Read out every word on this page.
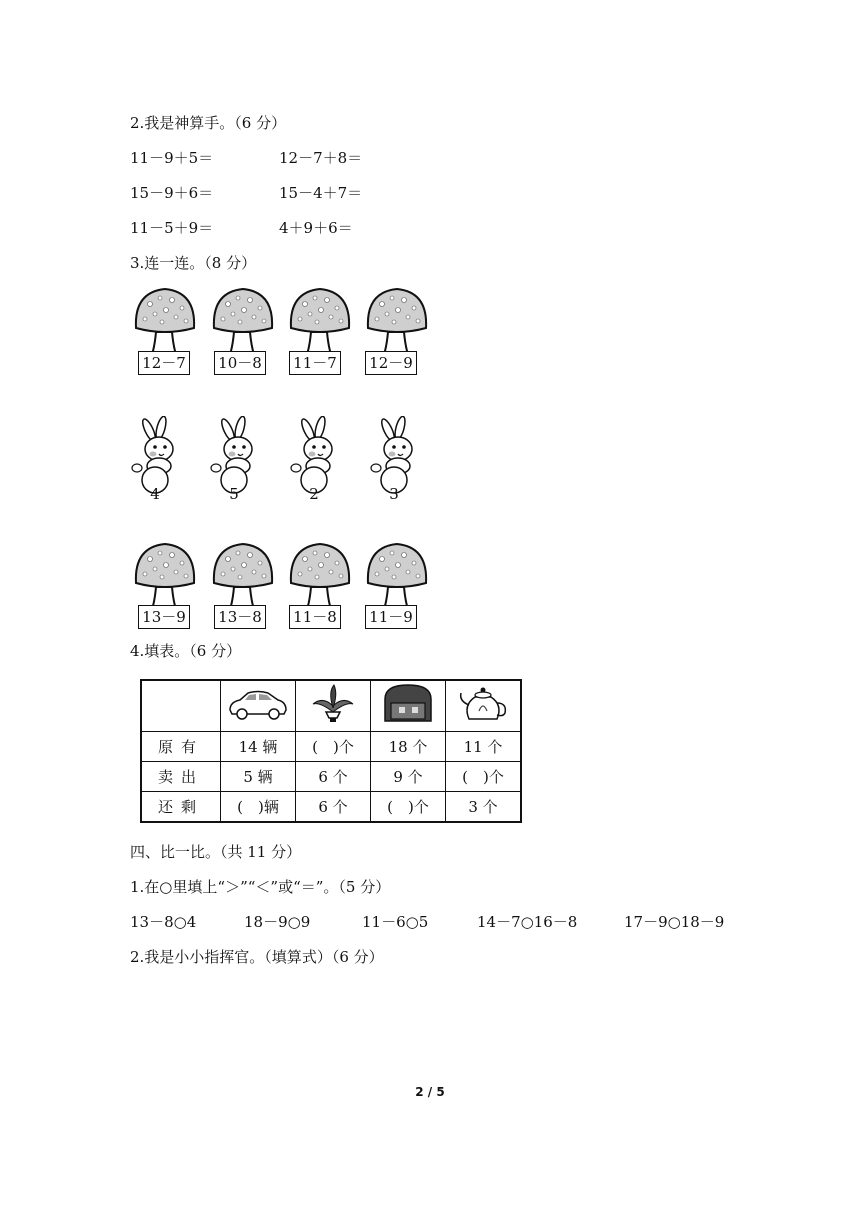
2.我是神算手。（6 分）
11－9＋5＝	12－7＋8＝
15－9＋6＝	15－4＋7＝
11－5＋9＝	4＋9＋6＝
3.连一连。（8 分）
12－7 10－8 11－7 12－9
4	5	2	3
13－9 13－8 11－8 11－9
4.填表。（6 分）

原有	14 辆	(　)个	18 个	11 个
卖出	5 辆	6 个	9 个	(　)个
还剩	(　)辆	6 个	(　)个	3 个
四、比一比。（共 11 分）
1.在○里填上“＞”“＜”或“＝”。（5 分）
13－8○4	18－9○9	11－6○5	14－7○16－8	17－9○18－9
2.我是小小指挥官。（填算式）（6 分）
2 / 5
